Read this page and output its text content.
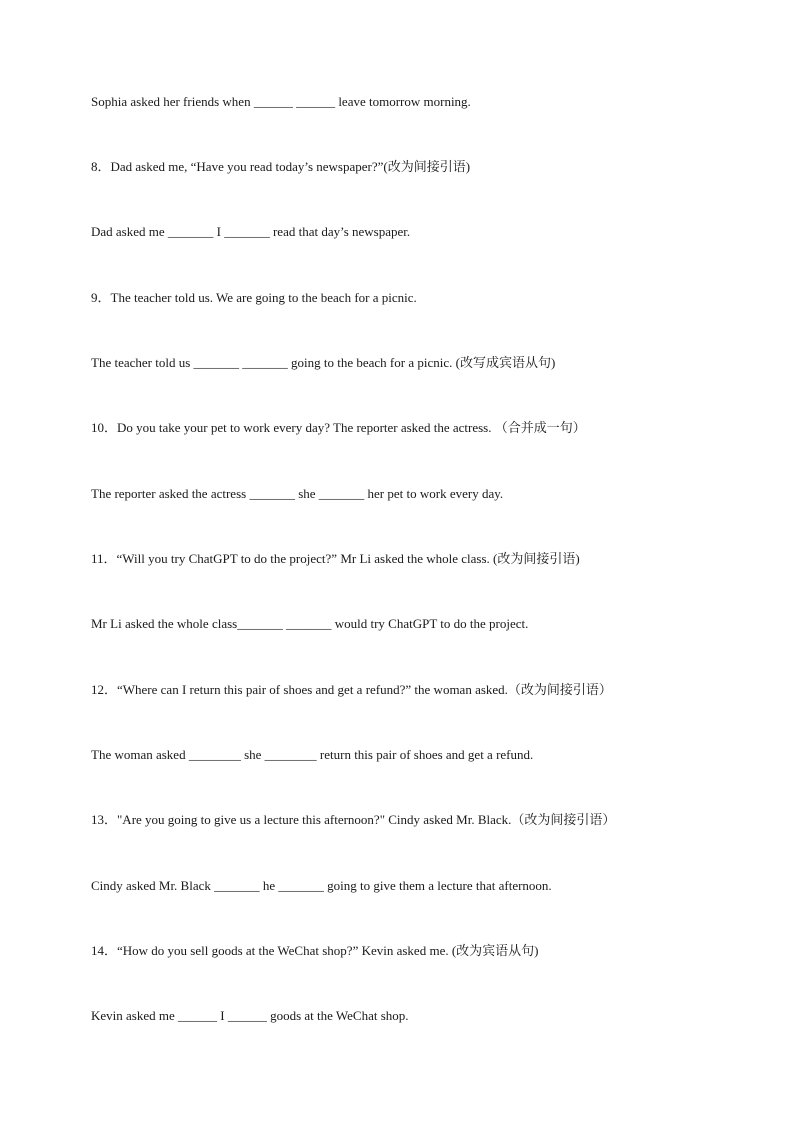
Sophia asked her friends when ______ ______ leave tomorrow morning.
8．Dad asked me, “Have you read today’s newspaper?”(改为间接引语)
Dad asked me _______ I _______ read that day’s newspaper.
9．The teacher told us. We are going to the beach for a picnic.
The teacher told us _______ _______ going to the beach for a picnic. (改写成宾语从句)
10．Do you take your pet to work every day? The reporter asked the actress. （合并成一句）
The reporter asked the actress _______ she _______ her pet to work every day.
11．“Will you try ChatGPT to do the project?” Mr Li asked the whole class. (改为间接引语)
Mr Li asked the whole class_______ _______ would try ChatGPT to do the project.
12．“Where can I return this pair of shoes and get a refund?” the woman asked.（改为间接引语）
The woman asked ________ she ________ return this pair of shoes and get a refund.
13．"Are you going to give us a lecture this afternoon?" Cindy asked Mr. Black.（改为间接引语）
Cindy asked Mr. Black _______ he _______ going to give them a lecture that afternoon.
14．“How do you sell goods at the WeChat shop?” Kevin asked me. (改为宾语从句)
Kevin asked me ______ I ______ goods at the WeChat shop.
